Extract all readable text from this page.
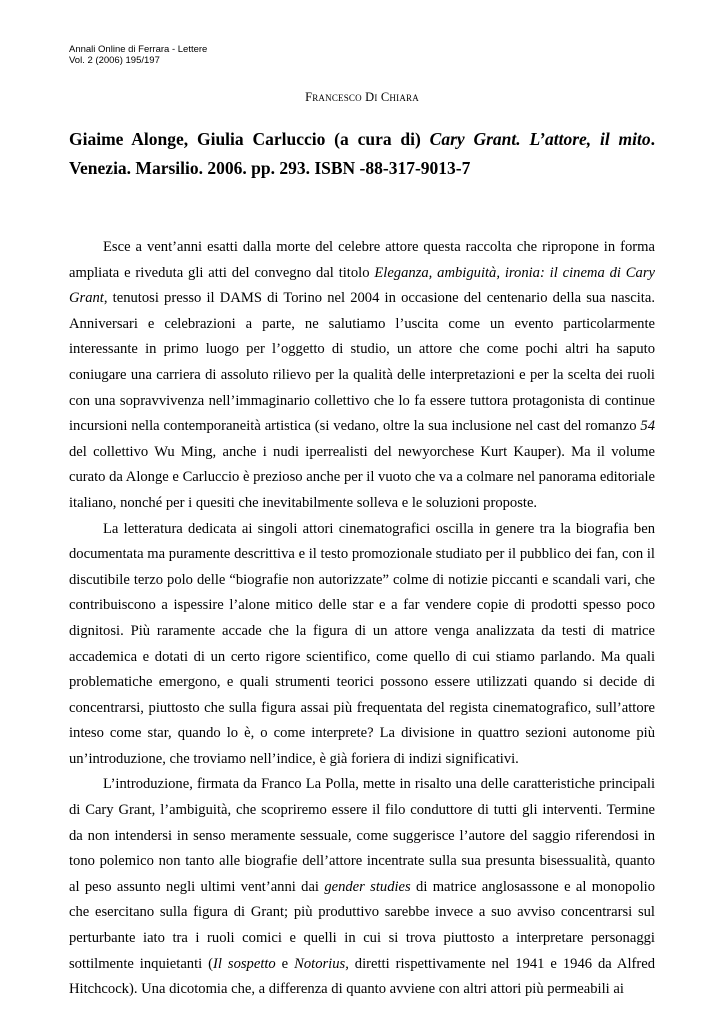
Annali Online di Ferrara - Lettere
Vol. 2 (2006) 195/197
Francesco Di Chiara
Giaime Alonge, Giulia Carluccio (a cura di) Cary Grant. L’attore, il mito. Venezia. Marsilio. 2006. pp. 293. ISBN -88-317-9013-7

Esce a vent’anni esatti dalla morte del celebre attore questa raccolta che ripropone in forma ampliata e riveduta gli atti del convegno dal titolo Eleganza, ambiguità, ironia: il cinema di Cary Grant, tenutosi presso il DAMS di Torino nel 2004 in occasione del centenario della sua nascita. Anniversari e celebrazioni a parte, ne salutiamo l’uscita come un evento particolarmente interessante in primo luogo per l’oggetto di studio, un attore che come pochi altri ha saputo coniugare una carriera di assoluto rilievo per la qualità delle interpretazioni e per la scelta dei ruoli con una sopravvivenza nell’immaginario collettivo che lo fa essere tuttora protagonista di continue incursioni nella contemporaneità artistica (si vedano, oltre la sua inclusione nel cast del romanzo 54 del collettivo Wu Ming, anche i nudi iperrealisti del newyorchese Kurt Kauper). Ma il volume curato da Alonge e Carluccio è prezioso anche per il vuoto che va a colmare nel panorama editoriale italiano, nonché per i quesiti che inevitabilmente solleva e le soluzioni proposte.

La letteratura dedicata ai singoli attori cinematografici oscilla in genere tra la biografia ben documentata ma puramente descrittiva e il testo promozionale studiato per il pubblico dei fan, con il discutibile terzo polo delle “biografie non autorizzate” colme di notizie piccanti e scandali vari, che contribuiscono a ispessire l’alone mitico delle star e a far vendere copie di prodotti spesso poco dignitosi. Più raramente accade che la figura di un attore venga analizzata da testi di matrice accademica e dotati di un certo rigore scientifico, come quello di cui stiamo parlando. Ma quali problematiche emergono, e quali strumenti teorici possono essere utilizzati quando si decide di concentrarsi, piuttosto che sulla figura assai più frequentata del regista cinematografico, sull’attore inteso come star, quando lo è, o come interprete? La divisione in quattro sezioni autonome più un’introduzione, che troviamo nell’indice, è già foriera di indizi significativi.

L’introduzione, firmata da Franco La Polla, mette in risalto una delle caratteristiche principali di Cary Grant, l’ambiguità, che scopriremo essere il filo conduttore di tutti gli interventi. Termine da non intendersi in senso meramente sessuale, come suggerisce l’autore del saggio riferendosi in tono polemico non tanto alle biografie dell’attore incentrate sulla sua presunta bisessualità, quanto al peso assunto negli ultimi vent’anni dai gender studies di matrice anglosassone e al monopolio che esercitano sulla figura di Grant; più produttivo sarebbe invece a suo avviso concentrarsi sul perturbante iato tra i ruoli comici e quelli in cui si trova piuttosto a interpretare personaggi sottilmente inquietanti (Il sospetto e Notorius, diretti rispettivamente nel 1941 e 1946 da Alfred Hitchcock). Una dicotomia che, a differenza di quanto avviene con altri attori più permeabili ai
